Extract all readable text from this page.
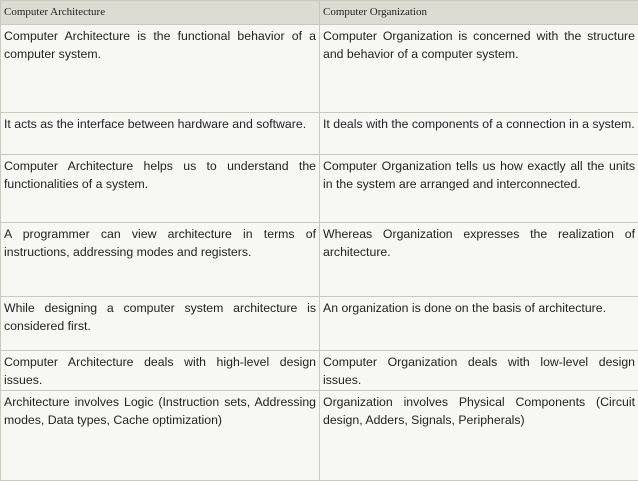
Computer Architecture	Computer Organization
Computer Architecture is the functional behavior of a computer system.	Computer Organization is concerned with the structure and behavior of a computer system.
It acts as the interface between hardware and software.	It deals with the components of a connection in a system.
Computer Architecture helps us to understand the functionalities of a system.	Computer Organization tells us how exactly all the units in the system are arranged and interconnected.
A programmer can view architecture in terms of instructions, addressing modes and registers.	Whereas Organization expresses the realization of architecture.
While designing a computer system architecture is considered first.	An organization is done on the basis of architecture.
Computer Architecture deals with high-level design issues.	Computer Organization deals with low-level design issues.
Architecture involves Logic (Instruction sets, Addressing modes, Data types, Cache optimization)	Organization involves Physical Components (Circuit design, Adders, Signals, Peripherals)
